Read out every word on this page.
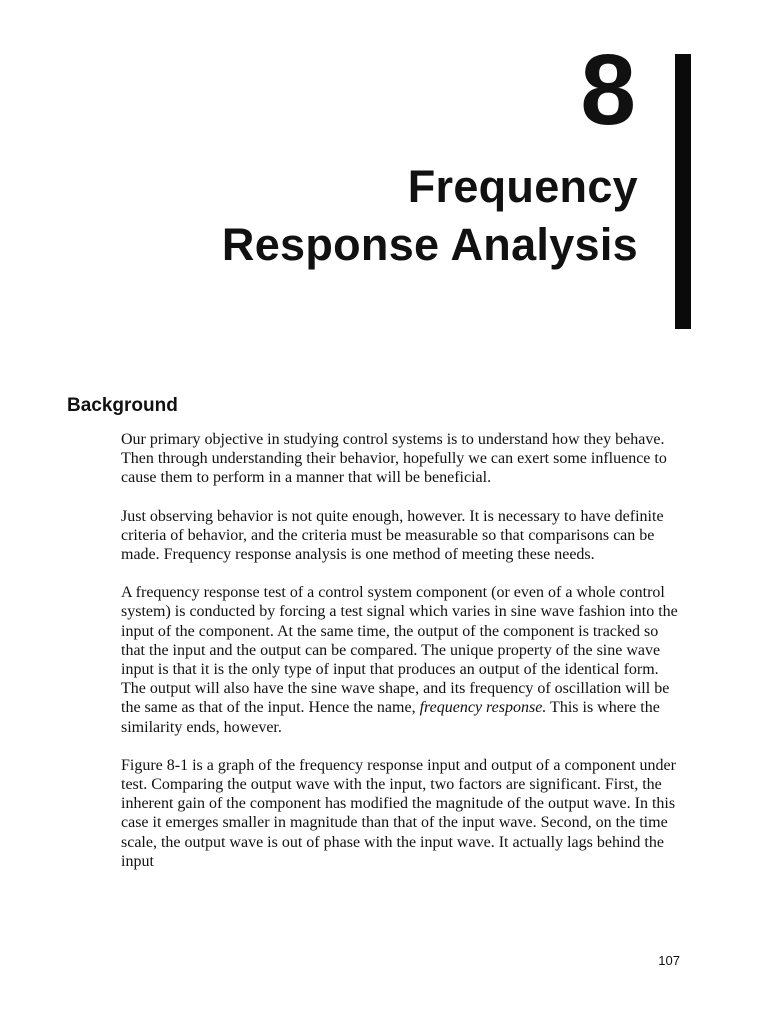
8
Frequency
Response Analysis
Background

Our primary objective in studying control systems is to understand how they behave. Then through understanding their behavior, hopefully we can exert some influence to cause them to perform in a manner that will be beneficial.

Just observing behavior is not quite enough, however. It is necessary to have definite criteria of behavior, and the criteria must be measurable so that comparisons can be made. Frequency response analysis is one method of meeting these needs.

A frequency response test of a control system component (or even of a whole control system) is conducted by forcing a test signal which varies in sine wave fashion into the input of the component. At the same time, the output of the component is tracked so that the input and the output can be compared. The unique property of the sine wave input is that it is the only type of input that produces an output of the identical form. The output will also have the sine wave shape, and its frequency of oscillation will be the same as that of the input. Hence the name, frequency response. This is where the similarity ends, however.

Figure 8-1 is a graph of the frequency response input and output of a component under test. Comparing the output wave with the input, two factors are significant. First, the inherent gain of the component has modified the magnitude of the output wave. In this case it emerges smaller in magnitude than that of the input wave. Second, on the time scale, the output wave is out of phase with the input wave. It actually lags behind the input

107
